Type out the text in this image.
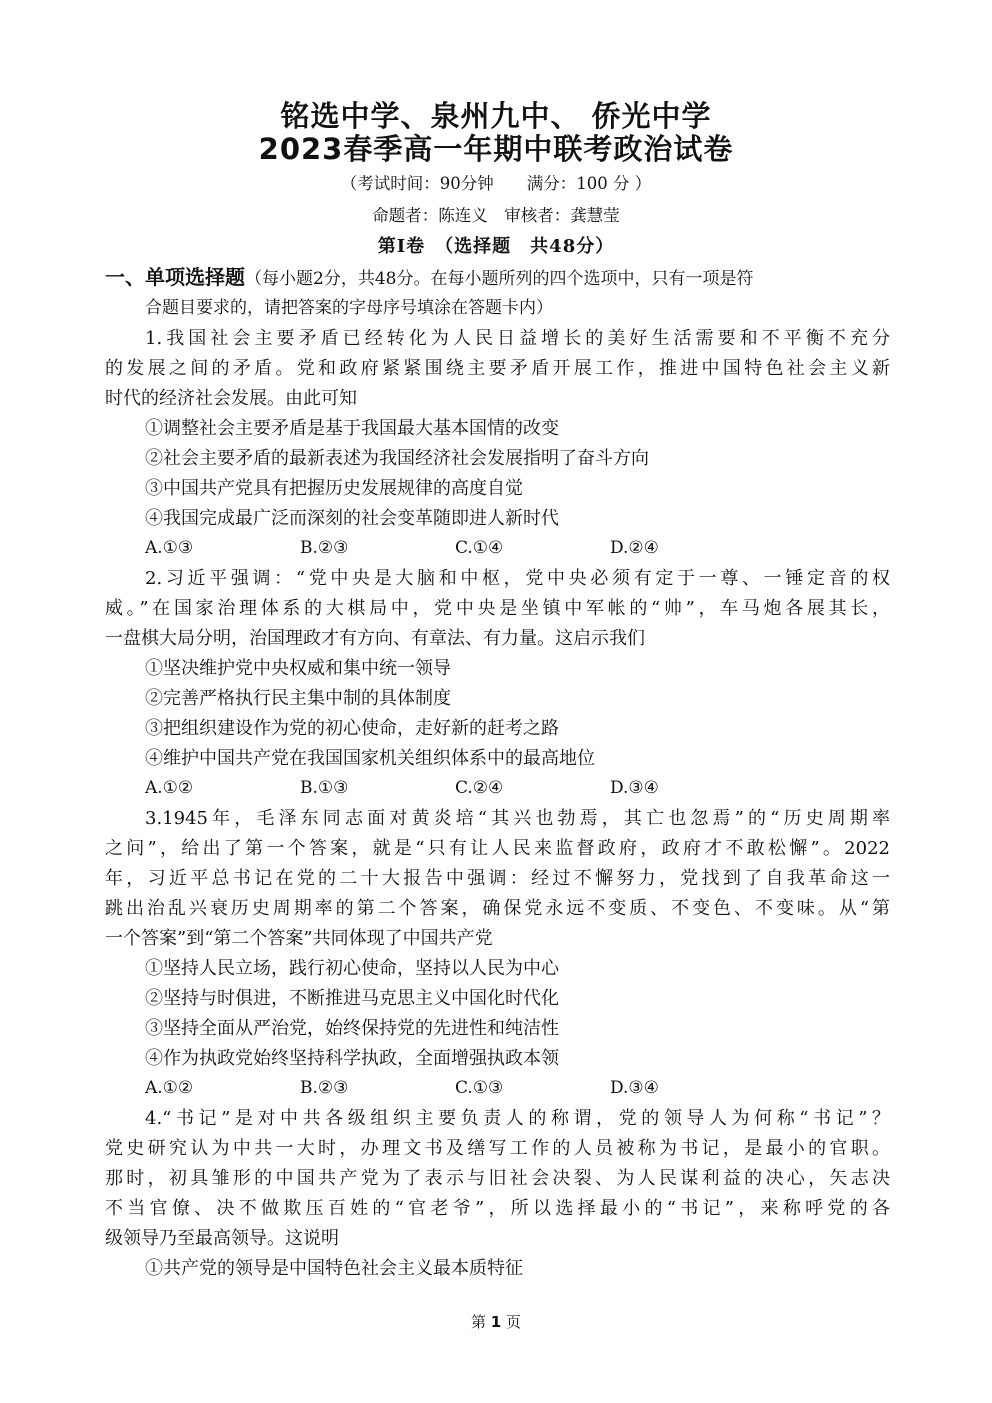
铭选中学、泉州九中、 侨光中学
2023春季高一年期中联考政治试卷
（考试时间：90分钟　　满分：100 分 ）
命题者：陈连义　审核者：龚慧莹
第Ⅰ卷　（选择题　共48分）
一、单项选择题（每小题2分，共48分。在每小题所列的四个选项中，只有一项是符
合题目要求的，请把答案的字母序号填涂在答题卡内）
1.我国社会主要矛盾已经转化为人民日益增长的美好生活需要和不平衡不充分
的发展之间的矛盾。党和政府紧紧围绕主要矛盾开展工作，推进中国特色社会主义新
时代的经济社会发展。由此可知
①调整社会主要矛盾是基于我国最大基本国情的改变
②社会主要矛盾的最新表述为我国经济社会发展指明了奋斗方向
③中国共产党具有把握历史发展规律的高度自觉
④我国完成最广泛而深刻的社会变革随即进人新时代
A.①③	B.②③	C.①④	D.②④
2.习近平强调：“党中央是大脑和中枢，党中央必须有定于一尊、一锤定音的权
威。”在国家治理体系的大棋局中，党中央是坐镇中军帐的“帅”，车马炮各展其长，
一盘棋大局分明，治国理政才有方向、有章法、有力量。这启示我们
①坚决维护党中央权威和集中统一领导
②完善严格执行民主集中制的具体制度
③把组织建设作为党的初心使命，走好新的赶考之路
④维护中国共产党在我国国家机关组织体系中的最高地位
A.①②	B.①③	C.②④	D.③④
3.1945年，毛泽东同志面对黄炎培“其兴也勃焉，其亡也忽焉”的“历史周期率
之问”，给出了第一个答案，就是“只有让人民来监督政府，政府才不敢松懈”。2022
年，习近平总书记在党的二十大报告中强调：经过不懈努力，党找到了自我革命这一
跳出治乱兴衰历史周期率的第二个答案，确保党永远不变质、不变色、不变味。从“第
一个答案”到“第二个答案”共同体现了中国共产党
①坚持人民立场，践行初心使命，坚持以人民为中心
②坚持与时俱进，不断推进马克思主义中国化时代化
③坚持全面从严治党，始终保持党的先进性和纯洁性
④作为执政党始终坚持科学执政，全面增强执政本领
A.①②	B.②③	C.①③	D.③④
4.“书记”是对中共各级组织主要负责人的称谓，党的领导人为何称“书记”？
党史研究认为中共一大时，办理文书及缮写工作的人员被称为书记，是最小的官职。
那时，初具雏形的中国共产党为了表示与旧社会决裂、为人民谋利益的决心，矢志决
不当官僚、决不做欺压百姓的“官老爷”，所以选择最小的“书记”，来称呼党的各
级领导乃至最高领导。这说明
①共产党的领导是中国特色社会主义最本质特征
第 1 页
